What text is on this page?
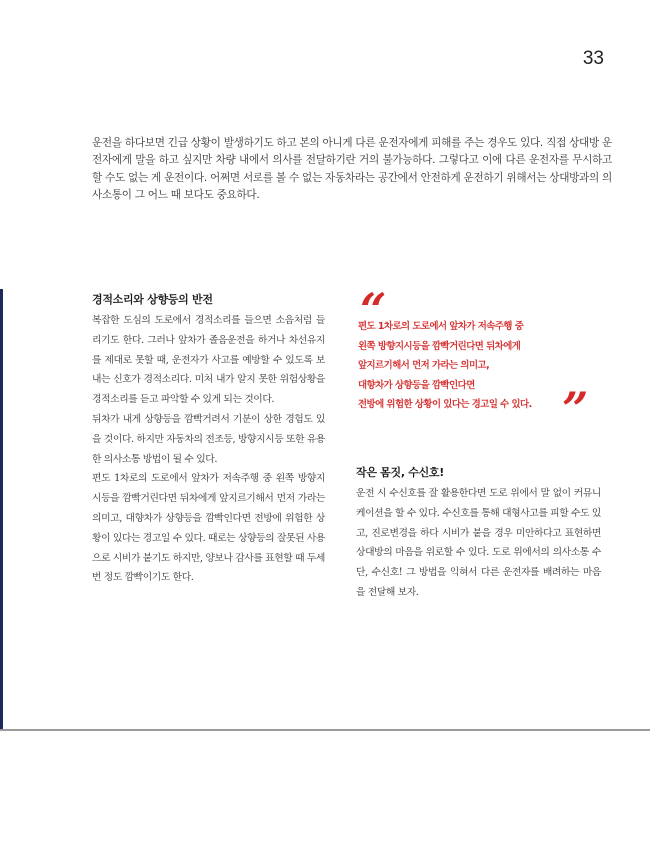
33

운전을 하다보면 긴급 상황이 발생하기도 하고 본의 아니게 다른 운전자에게 피해를 주는 경우도 있다. 직접 상대방 운전자에게 말을 하고 싶지만 차량 내에서 의사를 전달하기란 거의 불가능하다. 그렇다고 이에 다른 운전자를 무시하고 할 수도 없는 게 운전이다. 어쩌면 서로를 볼 수 없는 자동차라는 공간에서 안전하게 운전하기 위해서는 상대방과의 의사소통이 그 어느 때 보다도 중요하다.

경적소리와 상향등의 반전

복잡한 도심의 도로에서 경적소리를 들으면 소음처럼 들리기도 한다. 그러나 앞차가 졸음운전을 하거나 차선유지를 제대로 못할 때, 운전자가 사고를 예방할 수 있도록 보내는 신호가 경적소리다. 미처 내가 알지 못한 위험상황을 경적소리를 듣고 파악할 수 있게 되는 것이다.

뒤차가 내게 상향등을 깜빡거려서 기분이 상한 경험도 있을 것이다. 하지만 자동차의 전조등, 방향지시등 또한 유용한 의사소통 방법이 될 수 있다.

편도 1차로의 도로에서 앞차가 저속주행 중 왼쪽 방향지시등을 깜빡거린다면 뒤차에게 앞지르기해서 먼저 가라는 의미고, 대향차가 상향등을 깜빡인다면 전방에 위험한 상황이 있다는 경고일 수 있다. 때로는 상향등의 잘못된 사용으로 시비가 붙기도 하지만, 양보나 감사를 표현할 때 두세 번 정도 깜빡이기도 한다.

“

편도 1차로의 도로에서 앞차가 저속주행 중
왼쪽 방향지시등을 깜빡거린다면 뒤차에게
앞지르기해서 먼저 가라는 의미고,
대향차가 상향등을 깜빡인다면
전방에 위험한 상황이 있다는 경고일 수 있다. ”
작은 몸짓, 수신호!

운전 시 수신호를 잘 활용한다면 도로 위에서 말 없이 커뮤니케이션을 할 수 있다. 수신호를 통해 대형사고를 피할 수도 있고, 진로변경을 하다 시비가 붙을 경우 미안하다고 표현하면 상대방의 마음을 위로할 수 있다. 도로 위에서의 의사소통 수단, 수신호! 그 방법을 익혀서 다른 운전자를 배려하는 마음을 전달해 보자.
